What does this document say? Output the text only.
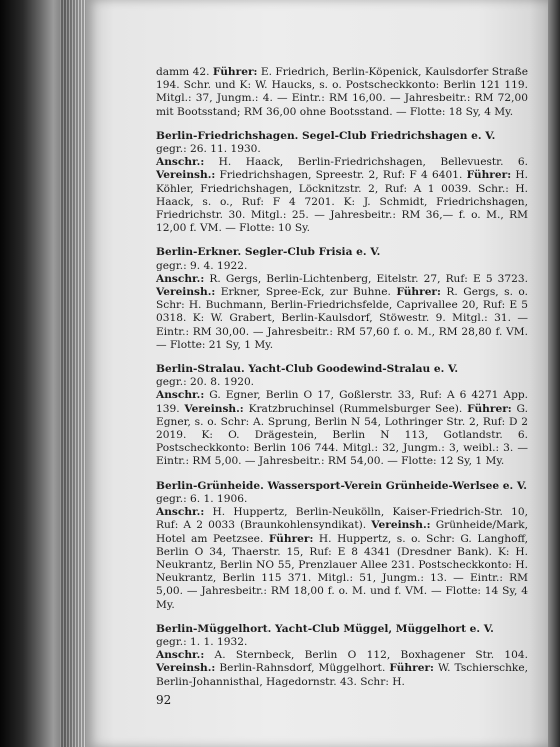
damm 42. Führer: E. Friedrich, Berlin-Köpenick, Kaulsdorfer Straße 194. Schr. und K: W. Haucks, s. o. Postscheckkonto: Berlin 121 119. Mitgl.: 37, Jungm.: 4. — Eintr.: RM 16,00. — Jahresbeitr.: RM 72,00 mit Bootsstand; RM 36,00 ohne Bootsstand. — Flotte: 18 Sy, 4 My.

Berlin-Friedrichshagen. Segel-Club Friedrichshagen e. V.

gegr.: 26. 11. 1930.
Anschr.: H. Haack, Berlin-Friedrichshagen, Bellevuestr. 6. Vereinsh.: Friedrichshagen, Spreestr. 2, Ruf: F 4 6401. Führer: H. Köhler, Friedrichshagen, Löcknitzstr. 2, Ruf: A 1 0039. Schr.: H. Haack, s. o., Ruf: F 4 7201. K: J. Schmidt, Friedrichshagen, Friedrichstr. 30. Mitgl.: 25. — Jahresbeitr.: RM 36,— f. o. M., RM 12,00 f. VM. — Flotte: 10 Sy.

Berlin-Erkner. Segler-Club Frisia e. V.

gegr.: 9. 4. 1922.
Anschr.: R. Gergs, Berlin-Lichtenberg, Eitelstr. 27, Ruf: E 5 3723. Vereinsh.: Erkner, Spree-Eck, zur Buhne. Führer: R. Gergs, s. o. Schr: H. Buchmann, Berlin-Friedrichsfelde, Caprivallee 20, Ruf: E 5 0318. K: W. Grabert, Berlin-Kaulsdorf, Stöwestr. 9. Mitgl.: 31. — Eintr.: RM 30,00. — Jahresbeitr.: RM 57,60 f. o. M., RM 28,80 f. VM. — Flotte: 21 Sy, 1 My.

Berlin-Stralau. Yacht-Club Goodewind-Stralau e. V.

gegr.: 20. 8. 1920.
Anschr.: G. Egner, Berlin O 17, Goßlerstr. 33, Ruf: A 6 4271 App. 139. Vereinsh.: Kratzbruchinsel (Rummelsburger See). Führer: G. Egner, s. o. Schr: A. Sprung, Berlin N 54, Lothringer Str. 2, Ruf: D 2 2019. K: O. Drägestein, Berlin N 113, Gotlandstr. 6. Postscheckkonto: Berlin 106 744. Mitgl.: 32, Jungm.: 3, weibl.: 3. — Eintr.: RM 5,00. — Jahresbeitr.: RM 54,00. — Flotte: 12 Sy, 1 My.

Berlin-Grünheide. Wassersport-Verein Grünheide-Werlsee e. V.

gegr.: 6. 1. 1906.
Anschr.: H. Huppertz, Berlin-Neukölln, Kaiser-Friedrich-Str. 10, Ruf: A 2 0033 (Braunkohlensyndikat). Vereinsh.: Grünheide/Mark, Hotel am Peetzsee. Führer: H. Huppertz, s. o. Schr: G. Langhoff, Berlin O 34, Thaerstr. 15, Ruf: E 8 4341 (Dresdner Bank). K: H. Neukrantz, Berlin NO 55, Prenzlauer Allee 231. Postscheckkonto: H. Neukrantz, Berlin 115 371. Mitgl.: 51, Jungm.: 13. — Eintr.: RM 5,00. — Jahresbeitr.: RM 18,00 f. o. M. und f. VM. — Flotte: 14 Sy, 4 My.

Berlin-Müggelhort. Yacht-Club Müggel, Müggelhort e. V.

gegr.: 1. 1. 1932.
Anschr.: A. Sternbeck, Berlin O 112, Boxhagener Str. 104. Vereinsh.: Berlin-Rahnsdorf, Müggelhort. Führer: W. Tschierschke, Berlin-Johannisthal, Hagedornstr. 43. Schr: H.

92
